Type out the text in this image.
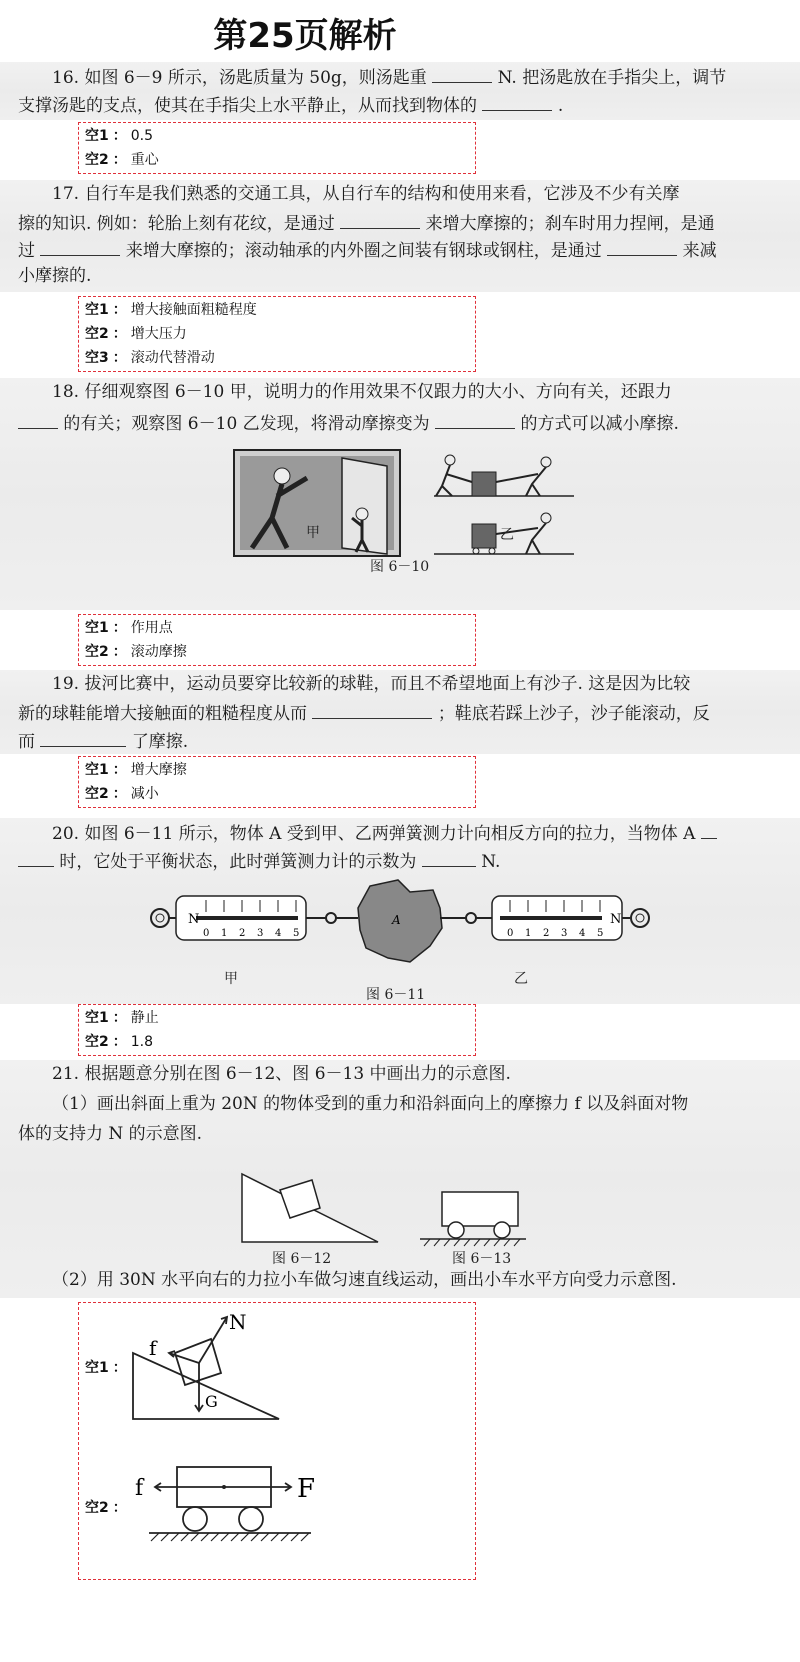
第25页解析
16. 如图 6－9 所示，汤匙质量为 50g，则汤匙重	N. 把汤匙放在手指尖上，调节
支撑汤匙的支点，使其在手指尖上水平静止，从而找到物体的	.
空1 ： 0.5
空2 ： 重心
17. 自行车是我们熟悉的交通工具，从自行车的结构和使用来看，它涉及不少有关摩
擦的知识. 例如：轮胎上刻有花纹，是通过	来增大摩擦的；刹车时用力捏闸，是通
过	来增大摩擦的；滚动轴承的内外圈之间装有钢球或钢柱，是通过	来减
小摩擦的.
空1 ： 增大接触面粗糙程度
空2 ： 增大压力
空3 ： 滚动代替滑动
18. 仔细观察图 6－10 甲，说明力的作用效果不仅跟力的大小、方向有关，还跟力
的有关；观察图 6－10 乙发现，将滑动摩擦变为	的方式可以减小摩擦.
甲	乙
图 6－10
空1 ： 作用点
空2 ： 滚动摩擦
19. 拔河比赛中，运动员要穿比较新的球鞋，而且不希望地面上有沙子. 这是因为比较
新的球鞋能增大接触面的粗糙程度从而	；鞋底若踩上沙子，沙子能滚动，反
而	了摩擦.
空1 ： 增大摩擦
空2 ： 减小
20. 如图 6－11 所示，物体 A 受到甲、乙两弹簧测力计向相反方向的拉力，当物体 A
时，它处于平衡状态，此时弹簧测力计的示数为	N.
0 1 2 3 4 5	0 1 2 3 4 5
N	N
A
甲	乙
图 6－11
空1 ： 静止
空2 ： 1.8
21. 根据题意分别在图 6－12、图 6－13 中画出力的示意图.
（1）画出斜面上重为 20N 的物体受到的重力和沿斜面向上的摩擦力 f 以及斜面对物
体的支持力 N 的示意图.
图 6－12	图 6－13
（2）用 30N 水平向右的力拉小车做匀速直线运动，画出小车水平方向受力示意图.
空1 ：
空2 ：
N
f
G
f	F
